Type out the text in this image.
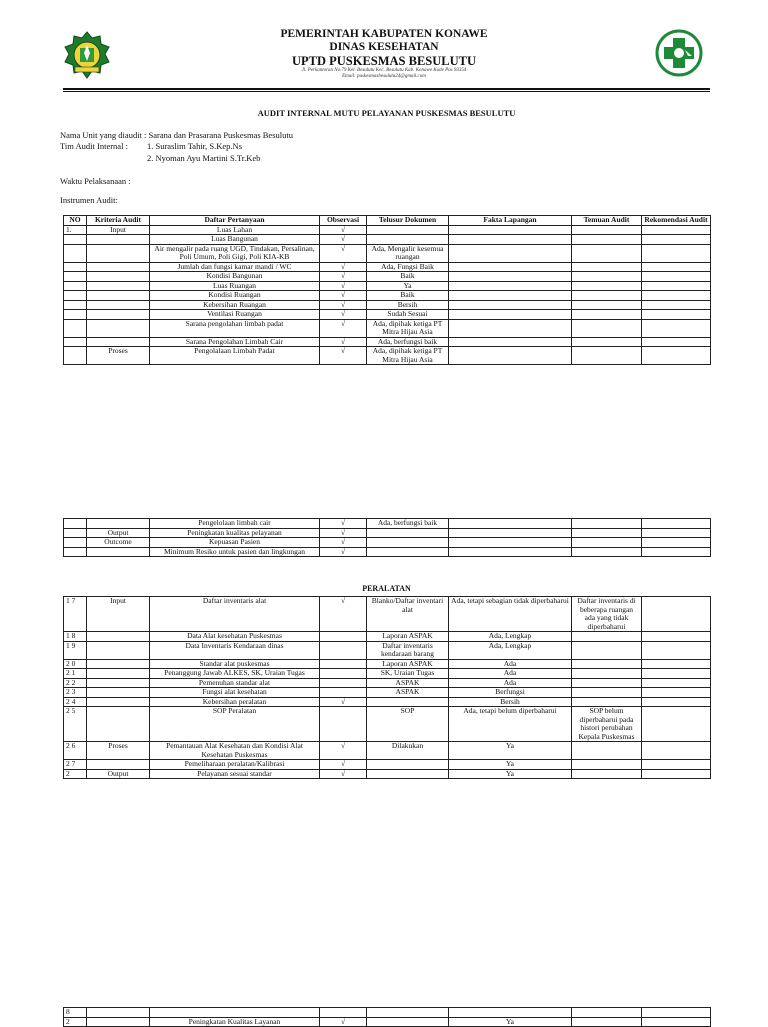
PEMERINTAH KABUPATEN KONAWE
DINAS KESEHATAN
UPTD PUSKESMAS BESULUTU
Jl. Perkantoran No.79 Kel. Besulutu Kec. Besulutu Kab. Konawe Kode Pos 93354
Email: puskesmasbesulutu24@gmail.com
AUDIT INTERNAL MUTU PELAYANAN PUSKESMAS BESULUTU
Nama Unit yang diaudit : Sarana dan Prasarana Puskesmas Besulutu
Tim Audit Internal : 1. Suraslim Tahir, S.Kep.Ns
2. Nyoman Ayu Martini S.Tr.Keb
Waktu Pelaksanaan :
Instrumen Audit:
NO	Kriteria Audit	Daftar Pertanyaan	Observasi	Telusur Dokumen	Fakta Lapangan	Temuan Audit	Rekomendasi Audit
1.	Input	Luas Lahan	√				
		Luas Bangunan	√				
		Air mengalir pada ruang UGD, Tindakan, Persalinan, Poli Umum, Poli Gigi, Poli KIA-KB	√	Ada, Mengalir kesemua ruangan			
		Jumlah dan fungsi kamar mandi / WC	√	Ada, Fungsi Baik			
		Kondisi Bangunan	√	Baik			
		Luas Ruangan	√	Ya			
		Kondisi Ruangan	√	Baik			
		Kebersihan Ruangan	√	Bersih			
		Ventilasi Ruangan	√	Sudah Sesuai			
		Sarana pengolahan limbah padat	√	Ada, dipihak ketiga PT Mitra Hijau Asia			
		Sarana Pengolahan Limbah Cair	√	Ada, berfungsi baik			
	Proses	Pengolalaan Limbah Padat	√	Ada, dipihak ketiga PT Mitra Hijau Asia			
		Pengelolaan limbah cair	√	Ada, berfungsi baik			
	Output	Peningkatan kualitas pelayanan	√				
	Outcome	Kepuasan Pasien	√				
		Minimum Resiko untuk pasien dan lingkungan	√				
PERALATAN
1 7	Input	Daftar inventaris alat	√	Blanko/Daftar inventari alat	Ada, tetapi sebagian tidak diperbaharui	Daftar inventaris di beberapa ruangan ada yang tidak diperbaharui	
1 8		Data Alat kesehatan Puskesmas		Laporan ASPAK	Ada, Lengkap		
1 9		Data Inventaris Kendaraan dinas		Daftar inventaris kendaraan barang	Ada, Lengkap		
2 0		Standar alat puskesmas		Laporan ASPAK	Ada		
2 1		Penanggung Jawab ALKES, SK, Uraian Tugas		SK, Uraian Tugas	Ada		
2 2		Pemenuhan standar alat		ASPAK	Ada		
2 3		Fungsi alat kesehatan		ASPAK	Berfungsi		
2 4		Kebersihan peralatan	√		Bersih		
2 5		SOP Peralatan		SOP	Ada, tetapi belum diperbaharui	SOP belum diperbaharui pada histori perubahan Kepala Puskesmas	
2 6	Proses	Pemantauan Alat Kesehatan dan Kondisi Alat Kesehatan Puskesmas	√	Dilakukan	Ya		
2 7		Pemeliharaan peralatan/Kalibrasi	√		Ya		
2	Output	Pelayanan sesuai standar	√		Ya		
8							
2		Peningkatan Kualitas Layanan	√		Ya		
